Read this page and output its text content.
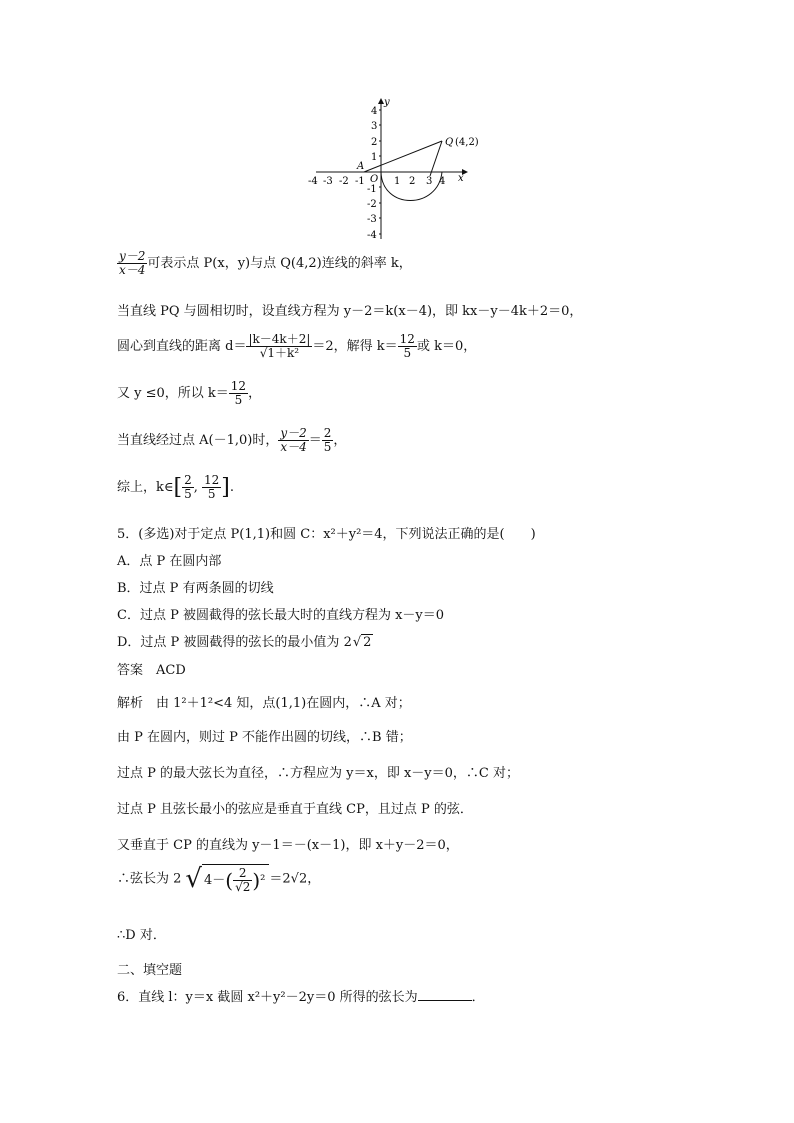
-4 -3 -2 -1	1 2 3 4 x
4
3
2
1
-1
-2
-3
-4
y
O
A
Q (4,2)
$\frac{y-2}{x-4}$ 可表示点 P(x，y)与点 Q(4,2)连线的斜率 k，
当直线 PQ 与圆相切时，设直线方程为 y－2＝k(x－4)，即 kx－y－4k＋2＝0，
圆心到直线的距离 $d= \frac{|k-4k+2|}{\text{√1＋k²}} =2$，解得 $k= \frac{12}{5}$ 或 k＝0，
又 y ≤0，所以 $k= \frac{12}{5}$ ，
当直线经过点 A(－1,0)时， $\frac{y-2}{x-4} = \frac{2}{5}$ ，
综上，k∈[ $\frac{2}{5}$ , $\frac{12}{5}$ ].
5．(多选)对于定点 P(1,1)和圆 C：x²＋y²＝4，下列说法正确的是(　　)
A．点 P 在圆内部
B．过点 P 有两条圆的切线
C．过点 P 被圆截得的弦长最大时的直线方程为 x－y＝0
D．过点 P 被圆截得的弦长的最小值为 2√ 2
答案　ACD
解析　由 1²＋1²<4 知，点(1,1)在圆内，∴A 对；
由 P 在圆内，则过 P 不能作出圆的切线，∴B 错；
过点 P 的最大弦长为直径，∴方程应为 y＝x，即 x－y＝0，∴C 对；
过点 P 且弦长最小的弦应是垂直于直线 CP，且过点 P 的弦．
又垂直于 CP 的直线为 y－1＝－(x－1)，即 x＋y－2＝0，
∴弦长为 2 √ $4-( \frac{2}{√2} )^2 =2√2$，
∴D 对．
二、填空题
6．直线 l：y＝x 截圆 x²＋y²－2y＝0 所得的弦长为	．
